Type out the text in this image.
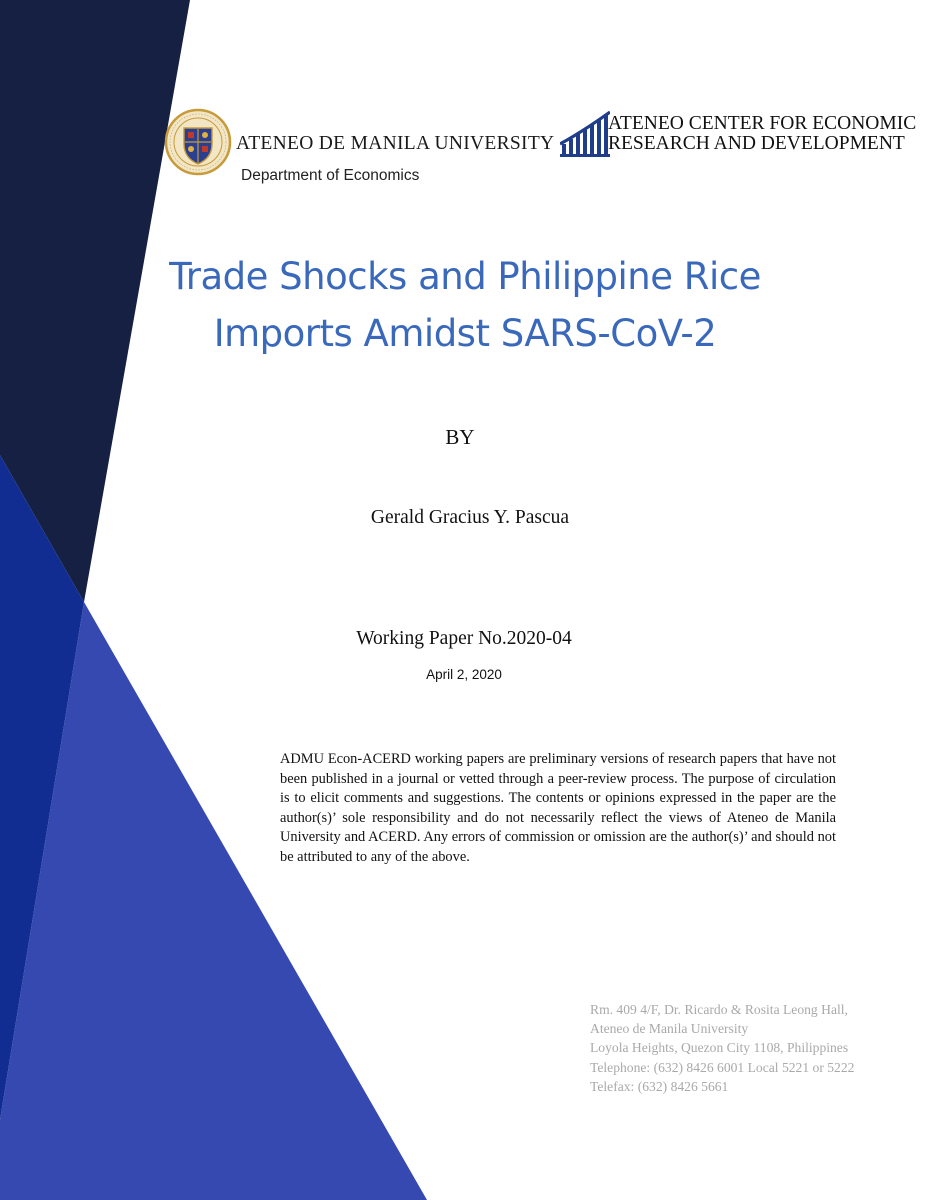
ATENEO DE MANILA UNIVERSITY
ATENEO CENTER FOR ECONOMIC
RESEARCH AND DEVELOPMENT
Department of Economics
Trade Shocks and Philippine Rice
Imports Amidst SARS-CoV-2
BY
Gerald Gracius Y. Pascua
Working Paper No.2020-04
April 2, 2020
ADMU Econ-ACERD working papers are preliminary versions of research papers that have not been published in a journal or vetted through a peer-review process. The purpose of circulation is to elicit comments and suggestions. The contents or opinions expressed in the paper are the author(s)’ sole responsibility and do not necessarily reflect the views of Ateneo de Manila University and ACERD. Any errors of commission or omission are the author(s)’ and should not be attributed to any of the above.
Rm. 409 4/F, Dr. Ricardo & Rosita Leong Hall,
Ateneo de Manila University
Loyola Heights, Quezon City 1108, Philippines
Telephone: (632) 8426 6001 Local 5221 or 5222
Telefax: (632) 8426 5661
